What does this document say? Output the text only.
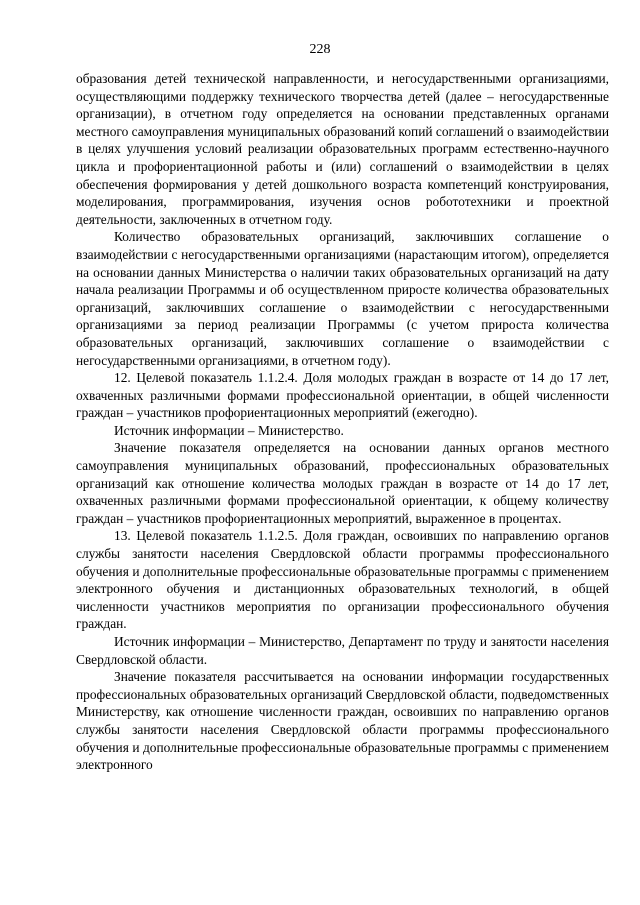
228

образования детей технической направленности, и негосударственными организациями, осуществляющими поддержку технического творчества детей (далее – негосударственные организации), в отчетном году определяется на основании представленных органами местного самоуправления муниципальных образований копий соглашений о взаимодействии в целях улучшения условий реализации образовательных программ естественно-научного цикла и профориентационной работы и (или) соглашений о взаимодействии в целях обеспечения формирования у детей дошкольного возраста компетенций конструирования, моделирования, программирования, изучения основ робототехники и проектной деятельности, заключенных в отчетном году.

Количество образовательных организаций, заключивших соглашение о взаимодействии с негосударственными организациями (нарастающим итогом), определяется на основании данных Министерства о наличии таких образовательных организаций на дату начала реализации Программы и об осуществленном приросте количества образовательных организаций, заключивших соглашение о взаимодействии с негосударственными организациями за период реализации Программы (с учетом прироста количества образовательных организаций, заключивших соглашение о взаимодействии с негосударственными организациями, в отчетном году).

12. Целевой показатель 1.1.2.4. Доля молодых граждан в возрасте от 14 до 17 лет, охваченных различными формами профессиональной ориентации, в общей численности граждан – участников профориентационных мероприятий (ежегодно).

Источник информации – Министерство.

Значение показателя определяется на основании данных органов местного самоуправления муниципальных образований, профессиональных образовательных организаций как отношение количества молодых граждан в возрасте от 14 до 17 лет, охваченных различными формами профессиональной ориентации, к общему количеству граждан – участников профориентационных мероприятий, выраженное в процентах.

13. Целевой показатель 1.1.2.5. Доля граждан, освоивших по направлению органов службы занятости населения Свердловской области программы профессионального обучения и дополнительные профессиональные образовательные программы с применением электронного обучения и дистанционных образовательных технологий, в общей численности участников мероприятия по организации профессионального обучения граждан.

Источник информации – Министерство, Департамент по труду и занятости населения Свердловской области.

Значение показателя рассчитывается на основании информации государственных профессиональных образовательных организаций Свердловской области, подведомственных Министерству, как отношение численности граждан, освоивших по направлению органов службы занятости населения Свердловской области программы профессионального обучения и дополнительные профессиональные образовательные программы с применением электронного
